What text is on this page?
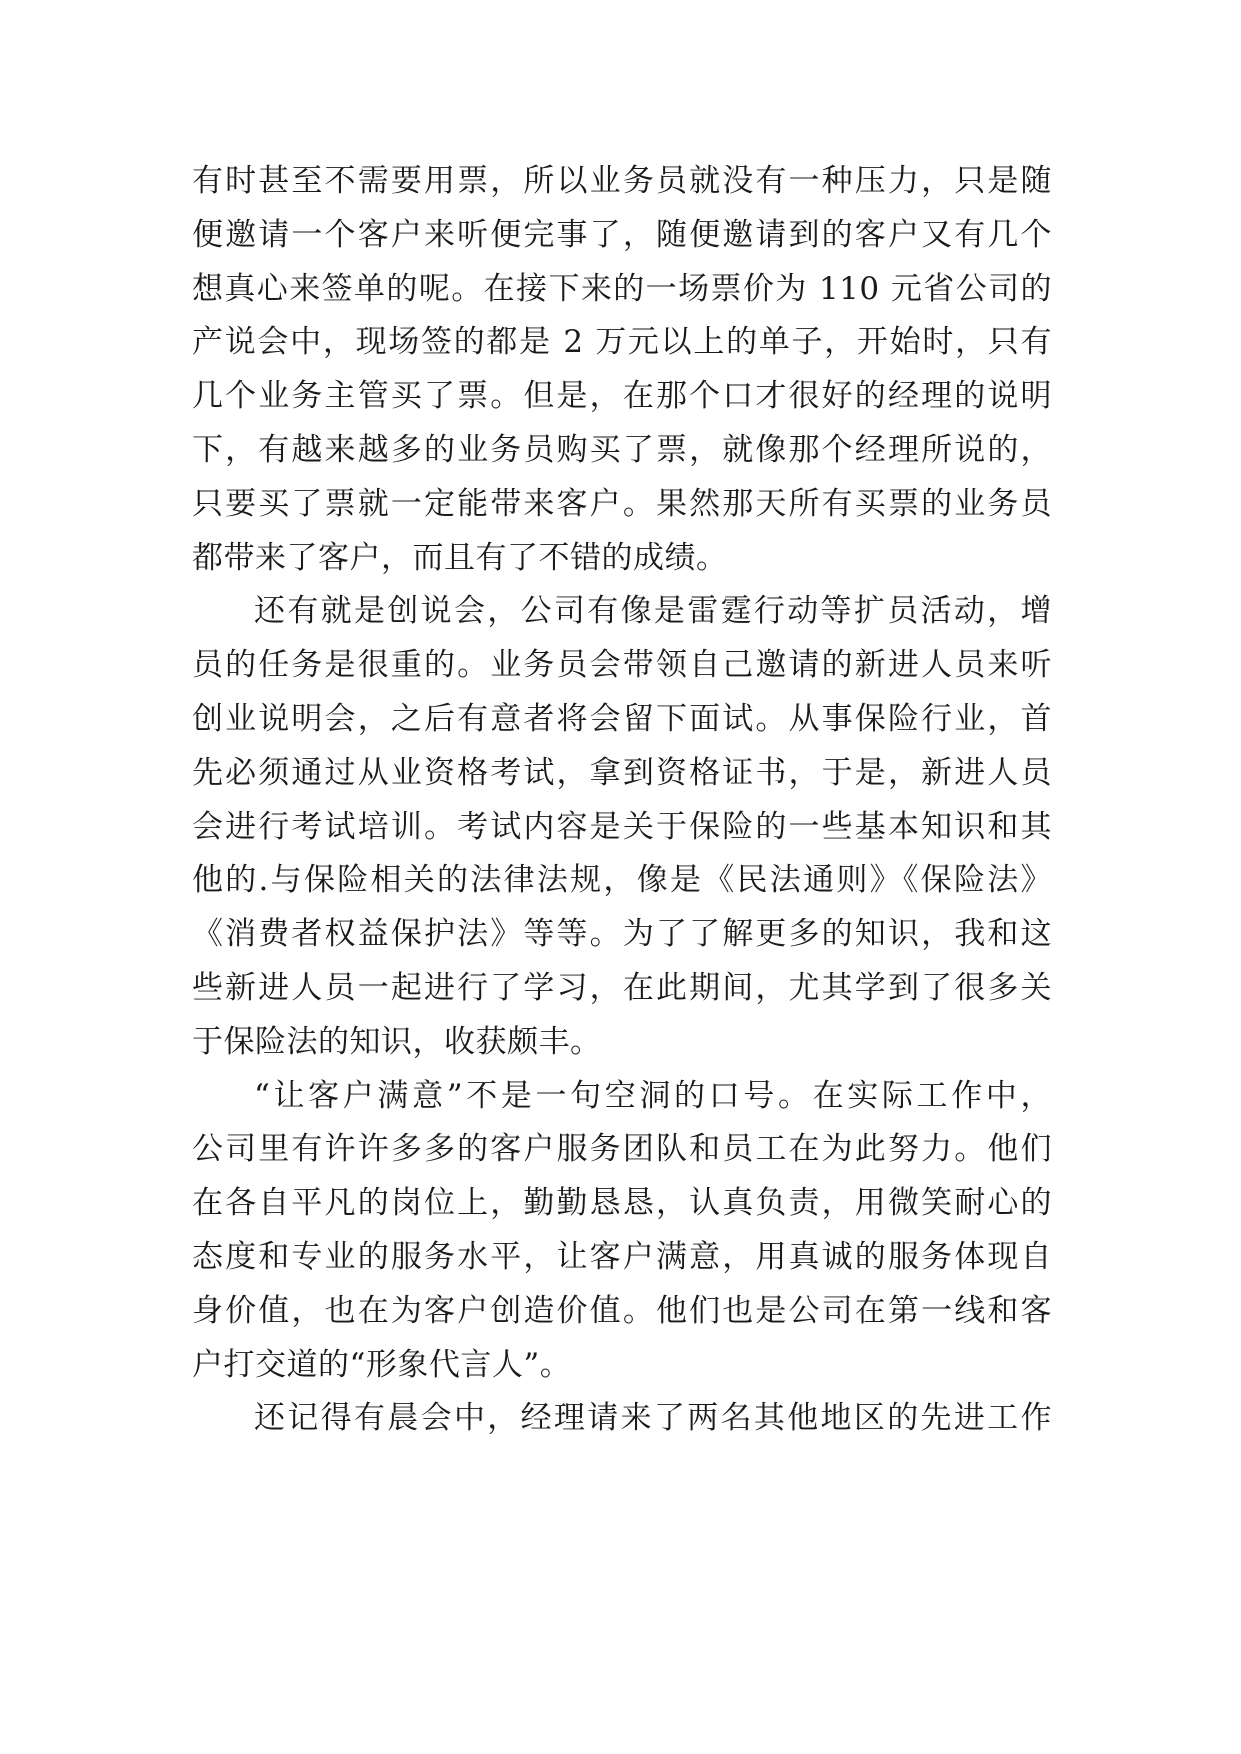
有时甚至不需要用票，所以业务员就没有一种压力，只是随
便邀请一个客户来听便完事了，随便邀请到的客户又有几个
想真心来签单的呢。在接下来的一场票价为 110 元省公司的
产说会中，现场签的都是 2 万元以上的单子，开始时，只有
几个业务主管买了票。但是，在那个口才很好的经理的说明
下，有越来越多的业务员购买了票，就像那个经理所说的，
只要买了票就一定能带来客户。果然那天所有买票的业务员
都带来了客户，而且有了不错的成绩。
还有就是创说会，公司有像是雷霆行动等扩员活动，增
员的任务是很重的。业务员会带领自己邀请的新进人员来听
创业说明会，之后有意者将会留下面试。从事保险行业，首
先必须通过从业资格考试，拿到资格证书，于是，新进人员
会进行考试培训。考试内容是关于保险的一些基本知识和其
他的.与保险相关的法律法规，像是《民法通则》《保险法》
《消费者权益保护法》等等。为了了解更多的知识，我和这
些新进人员一起进行了学习，在此期间，尤其学到了很多关
于保险法的知识，收获颇丰。
“让客户满意”不是一句空洞的口号。在实际工作中，
公司里有许许多多的客户服务团队和员工在为此努力。他们
在各自平凡的岗位上，勤勤恳恳，认真负责，用微笑耐心的
态度和专业的服务水平，让客户满意，用真诚的服务体现自
身价值，也在为客户创造价值。他们也是公司在第一线和客
户打交道的“形象代言人”。
还记得有晨会中，经理请来了两名其他地区的先进工作
